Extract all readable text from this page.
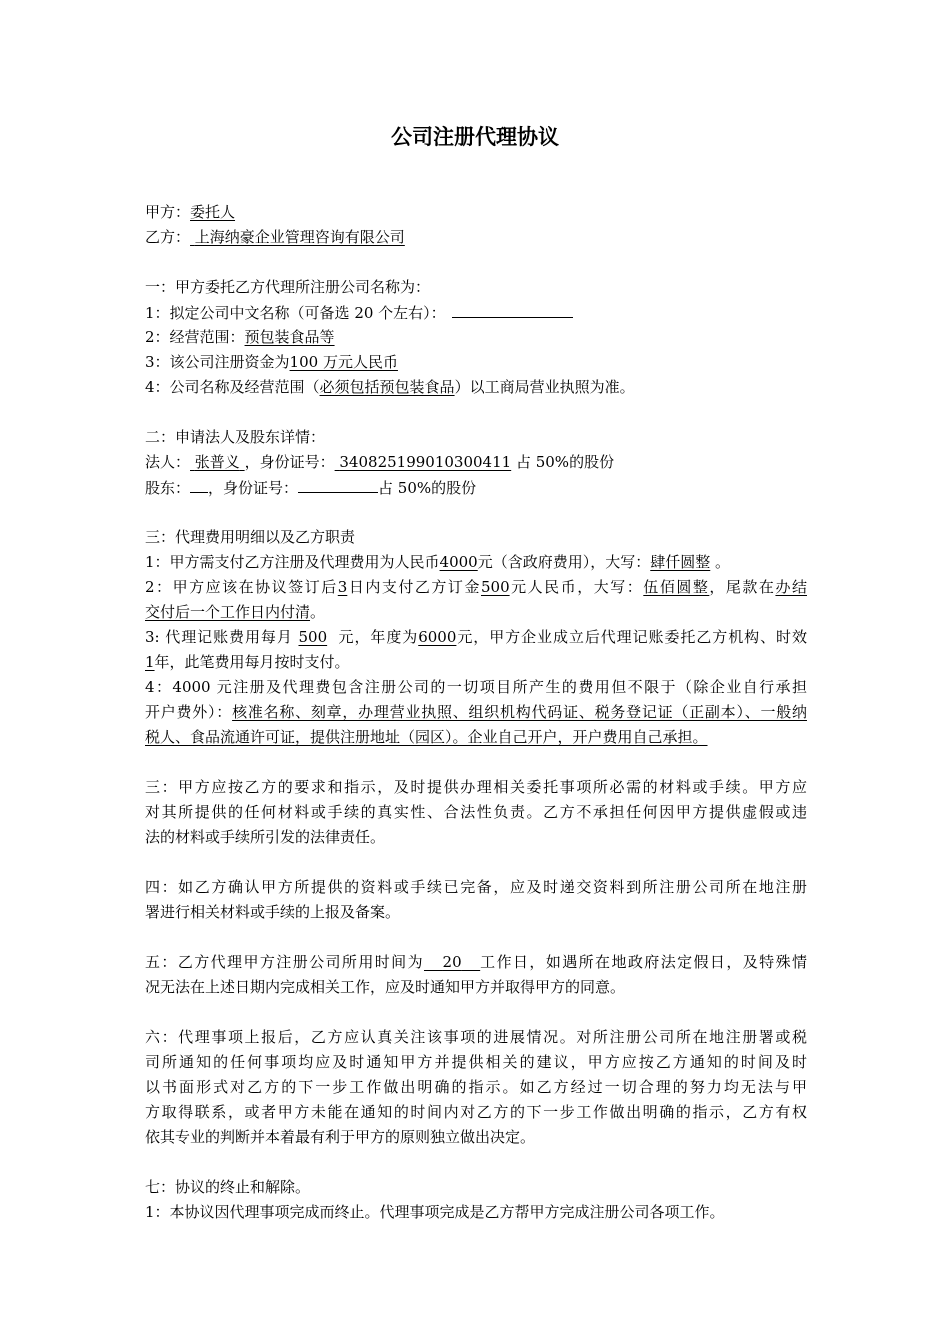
公司注册代理协议
甲方：委托人
乙方： 上海纳豪企业管理咨询有限公司
一：甲方委托乙方代理所注册公司名称为：
1：拟定公司中文名称（可备选 20 个左右）：
2：经营范围：预包装食品等
3：该公司注册资金为100 万元人民币
4：公司名称及经营范围（必须包括预包装食品）以工商局营业执照为准。
二：申请法人及股东详情：
法人： 张普义 ，身份证号： 340825199010300411 占 50%的股份
股东： ，身份证号：	占 50%的股份
三：代理费用明细以及乙方职责
1：甲方需支付乙方注册及代理费用为人民币4000元（含政府费用），大写：肆仟圆整 。
2：甲方应该在协议签订后3日内支付乙方订金500元人民币，大写：伍佰圆整，尾款在办结
交付后一个工作日内付清。
3: 代理记账费用每月 500 元，年度为6000元，甲方企业成立后代理记账委托乙方机构、时效
1年，此笔费用每月按时支付。
4：4000 元注册及代理费包含注册公司的一切项目所产生的费用但不限于（除企业自行承担
开户费外）：核准名称、刻章，办理营业执照、组织机构代码证、税务登记证（正副本）、一般纳
税人、食品流通许可证，提供注册地址（园区）。企业自己开户，开户费用自己承担。
三：甲方应按乙方的要求和指示，及时提供办理相关委托事项所必需的材料或手续。甲方应
对其所提供的任何材料或手续的真实性、合法性负责。乙方不承担任何因甲方提供虚假或违
法的材料或手续所引发的法律责任。
四：如乙方确认甲方所提供的资料或手续已完备，应及时递交资料到所注册公司所在地注册
署进行相关材料或手续的上报及备案。
五：乙方代理甲方注册公司所用时间为 20 工作日，如遇所在地政府法定假日，及特殊情
况无法在上述日期内完成相关工作，应及时通知甲方并取得甲方的同意。
六：代理事项上报后，乙方应认真关注该事项的进展情况。对所注册公司所在地注册署或税
司所通知的任何事项均应及时通知甲方并提供相关的建议，甲方应按乙方通知的时间及时
以书面形式对乙方的下一步工作做出明确的指示。如乙方经过一切合理的努力均无法与甲
方取得联系，或者甲方未能在通知的时间内对乙方的下一步工作做出明确的指示，乙方有权
依其专业的判断并本着最有利于甲方的原则独立做出决定。
七：协议的终止和解除。
1：本协议因代理事项完成而终止。代理事项完成是乙方帮甲方完成注册公司各项工作。
